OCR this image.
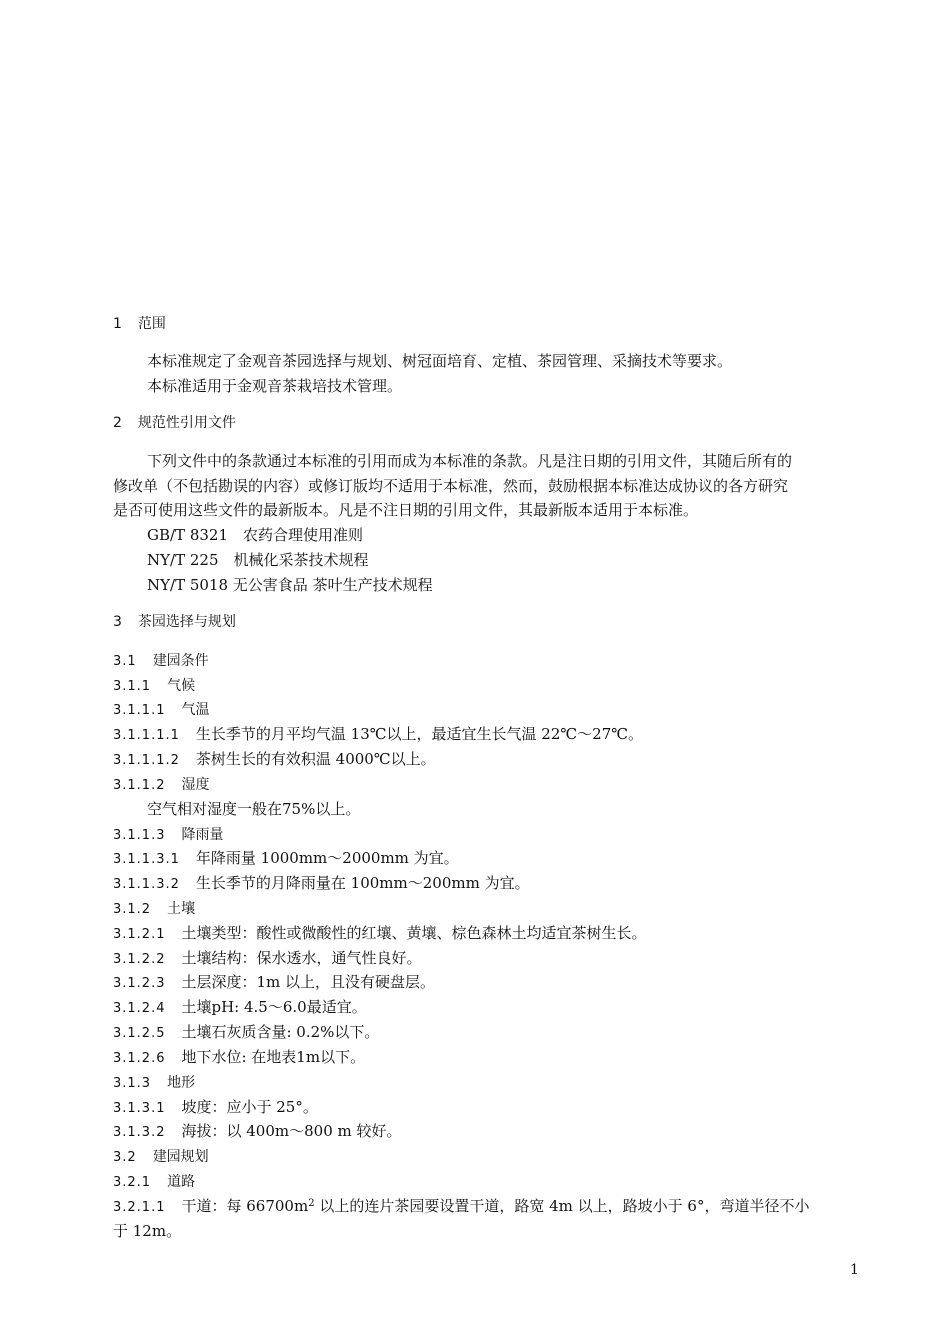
1 范围
本标准规定了金观音茶园选择与规划、树冠面培育、定植、茶园管理、采摘技术等要求。
本标准适用于金观音茶栽培技术管理。
2 规范性引用文件
下列文件中的条款通过本标准的引用而成为本标准的条款。凡是注日期的引用文件，其随后所有的
修改单（不包括勘误的内容）或修订版均不适用于本标准，然而，鼓励根据本标准达成协议的各方研究
是否可使用这些文件的最新版本。凡是不注日期的引用文件，其最新版本适用于本标准。
GB/T 8321　农药合理使用准则
NY/T 225　机械化采茶技术规程
NY/T 5018 无公害食品 茶叶生产技术规程
3 茶园选择与规划
3.1 建园条件
3.1.1 气候
3.1.1.1 气温
3.1.1.1.1 生长季节的月平均气温 13℃以上，最适宜生长气温 22℃～27℃。
3.1.1.1.2 茶树生长的有效积温 4000℃以上。
3.1.1.2 湿度
空气相对湿度一般在75%以上。
3.1.1.3 降雨量
3.1.1.3.1 年降雨量 1000mm～2000mm 为宜。
3.1.1.3.2 生长季节的月降雨量在 100mm～200mm 为宜。
3.1.2 土壤
3.1.2.1 土壤类型：酸性或微酸性的红壤、黄壤、棕色森林土均适宜茶树生长。
3.1.2.2 土壤结构：保水透水，通气性良好。
3.1.2.3 土层深度：1m 以上，且没有硬盘层。
3.1.2.4 土壤pH: 4.5～6.0最适宜。
3.1.2.5 土壤石灰质含量: 0.2%以下。
3.1.2.6 地下水位: 在地表1m以下。
3.1.3 地形
3.1.3.1 坡度：应小于 25°。
3.1.3.2 海拔：以 400m～800 m 较好。
3.2 建园规划
3.2.1 道路
3.2.1.1 干道：每 $66700m^2$ 以上的连片茶园要设置干道，路宽 4m 以上，路坡小于 6°，弯道半径不小
于 12m。
1
